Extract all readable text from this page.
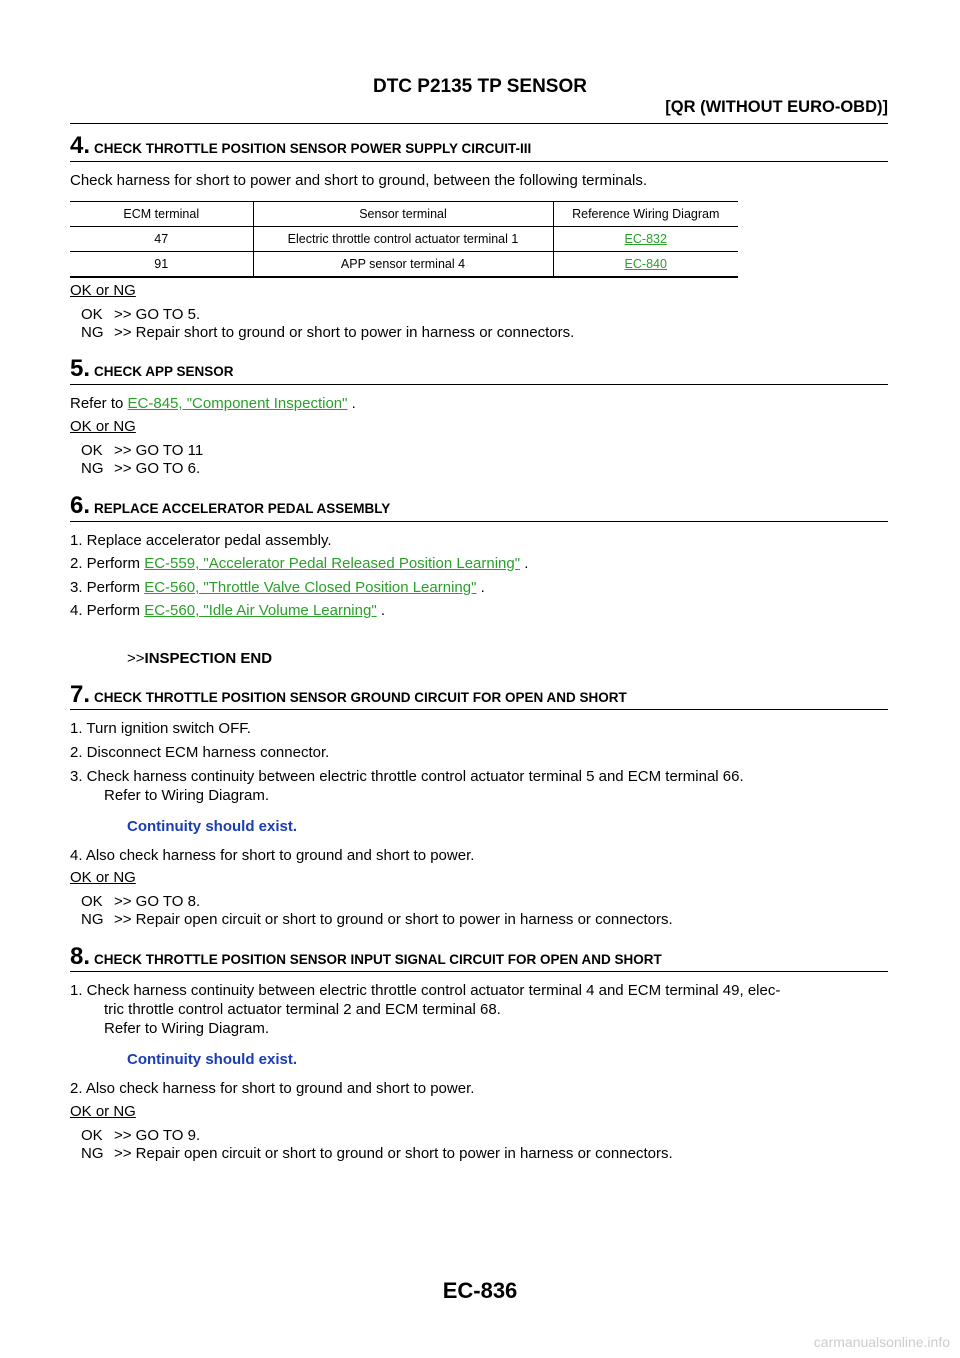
DTC P2135 TP SENSOR
[QR (WITHOUT EURO-OBD)]
4. CHECK THROTTLE POSITION SENSOR POWER SUPPLY CIRCUIT-III
Check harness for short to power and short to ground, between the following terminals.
ECM terminal	Sensor terminal	Reference Wiring Diagram
47	Electric throttle control actuator terminal 1	EC-832
91	APP sensor terminal 4	EC-840
OK or NG
OK >> GO TO 5.
NG >> Repair short to ground or short to power in harness or connectors.
5. CHECK APP SENSOR
Refer to EC-845, "Component Inspection" .
OK or NG
OK >> GO TO 11
NG >> GO TO 6.
6. REPLACE ACCELERATOR PEDAL ASSEMBLY
1. Replace accelerator pedal assembly.
2. Perform EC-559, "Accelerator Pedal Released Position Learning" .
3. Perform EC-560, "Throttle Valve Closed Position Learning" .
4. Perform EC-560, "Idle Air Volume Learning" .
>>INSPECTION END
7. CHECK THROTTLE POSITION SENSOR GROUND CIRCUIT FOR OPEN AND SHORT
1. Turn ignition switch OFF.
2. Disconnect ECM harness connector.
3. Check harness continuity between electric throttle control actuator terminal 5 and ECM terminal 66.
Refer to Wiring Diagram.
Continuity should exist.
4. Also check harness for short to ground and short to power.
OK or NG
OK >> GO TO 8.
NG >> Repair open circuit or short to ground or short to power in harness or connectors.
8. CHECK THROTTLE POSITION SENSOR INPUT SIGNAL CIRCUIT FOR OPEN AND SHORT
1. Check harness continuity between electric throttle control actuator terminal 4 and ECM terminal 49, elec-
tric throttle control actuator terminal 2 and ECM terminal 68.
Refer to Wiring Diagram.
Continuity should exist.
2. Also check harness for short to ground and short to power.
OK or NG
OK >> GO TO 9.
NG >> Repair open circuit or short to ground or short to power in harness or connectors.
EC-836
carmanualsonline.info
